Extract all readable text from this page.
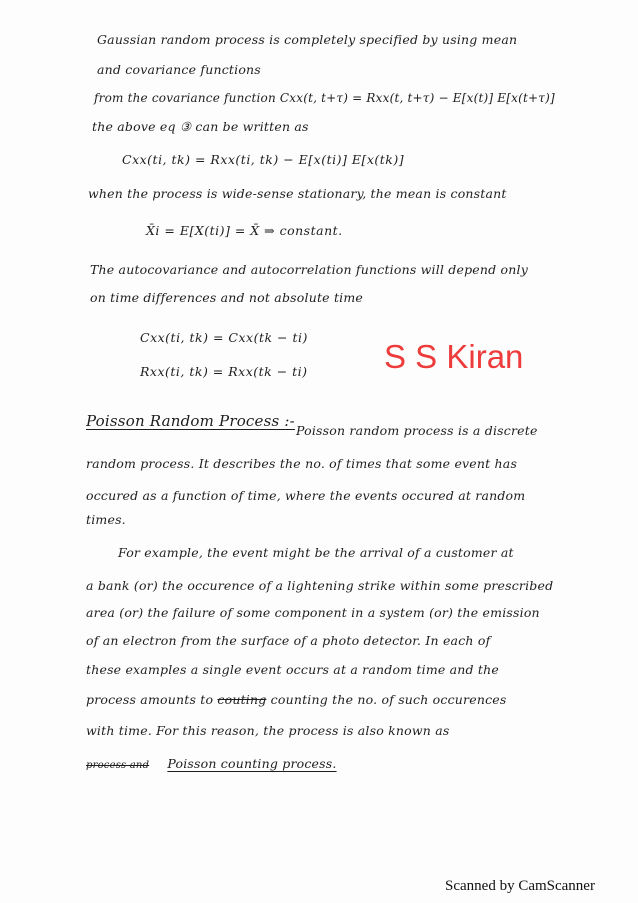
Gaussian random process is completely specified by using mean
and covariance functions
from the covariance function Cxx(t, t+τ) = Rxx(t, t+τ) − E[x(t)] E[x(t+τ)]
the above eq ③ can be written as
Cxx(ti, tk) = Rxx(ti, tk) − E[x(ti)] E[x(tk)]
when the process is wide-sense stationary, the mean is constant
X̄i = E[X(ti)] = X̄ ⇒ constant.
The autocovariance and autocorrelation functions will depend only
on time differences and not absolute time
Cxx(ti, tk) = Cxx(tk − ti)
Rxx(ti, tk) = Rxx(tk − ti) S S Kiran
Poisson Random Process :-
Poisson random process is a discrete
random process. It describes the no. of times that some event has
occured as a function of time, where the events occured at random
times.
For example, the event might be the arrival of a customer at
a bank (or) the occurence of a lightening strike within some prescribed
area (or) the failure of some component in a system (or) the emission
of an electron from the surface of a photo detector. In each of
these examples a single event occurs at a random time and the
process amounts to couting counting the no. of such occurences
with time. For this reason, the process is also known as
process and Poisson counting process.
Scanned by CamScanner
